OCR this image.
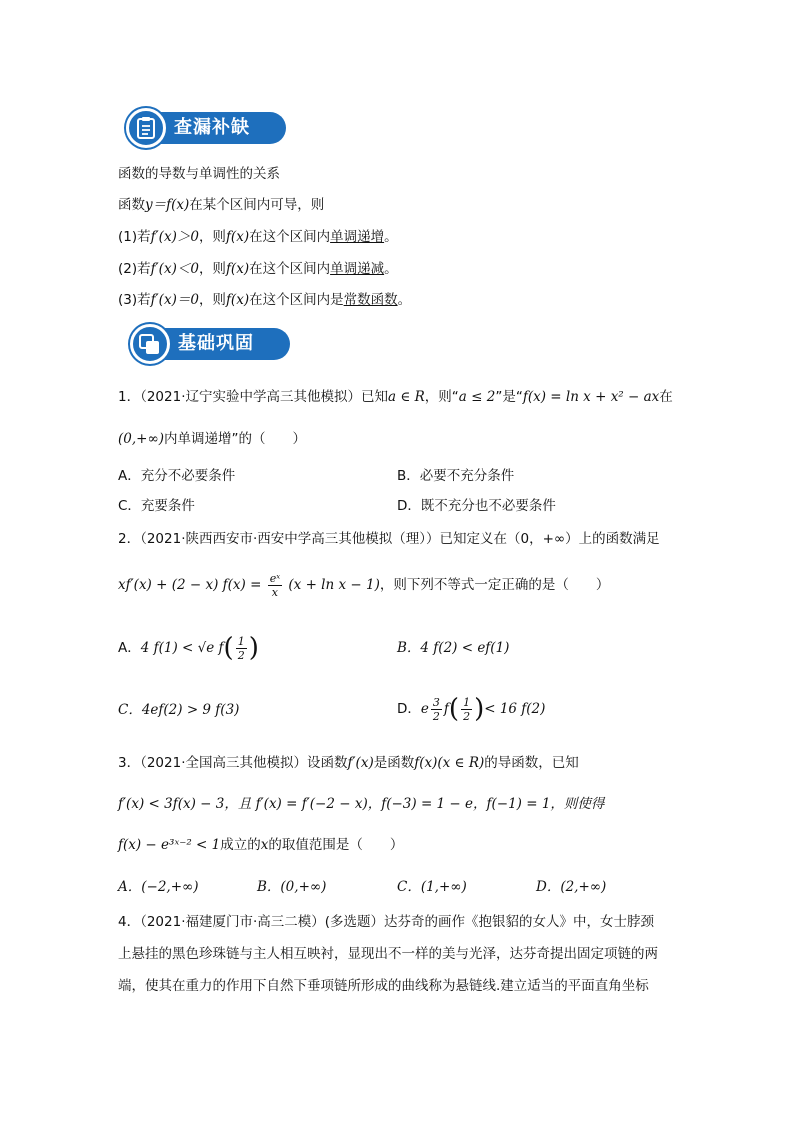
查漏补缺
函数的导数与单调性的关系
函数y＝f(x)在某个区间内可导，则
(1)若f′(x)＞0，则f(x)在这个区间内单调递增。
(2)若f′(x)＜0，则f(x)在这个区间内单调递减。
(3)若f′(x)＝0，则f(x)在这个区间内是常数函数。
基础巩固
1．（2021·辽宁实验中学高三其他模拟）已知a ∈ R，则“a ≤ 2”是“f(x) = ln x + x² − ax在
(0,+∞)内单调递增”的（　　）
A．充分不必要条件	B．必要不充分条件
C．充要条件	D．既不充分也不必要条件
2．（2021·陕西西安市·西安中学高三其他模拟（理））已知定义在（0，+∞）上的函数满足
xf′(x) + (2 − x) $f(x) = \frac{\text{eˣ}}{x} (x + \ln x - 1)$，则下列不等式一定正确的是（　　）
A．4 f(1) < √e $f( \frac{1}{2}$ )	B．4 f(2) < ef(1)
C．4ef(2) > 9 f(3)	D．e $\frac{3}{2} f( \frac{1}{2}$ )< 16 f(2)
3．（2021·全国高三其他模拟）设函数f′(x)是函数f(x)(x ∈ R)的导函数，已知
f′(x) < 3f(x) − 3，且 f′(x) = f′(−2 − x)，f(−3) = 1 − e，f(−1) = 1，则使得
f(x) − e³ˣ⁻² < 1成立的x的取值范围是（　　）
A．(−2,+∞)	B．(0,+∞)	C．(1,+∞)	D．(2,+∞)
4．（2021·福建厦门市·高三二模）(多选题）达芬奇的画作《抱银貂的女人》中，女士脖颈
上悬挂的黑色珍珠链与主人相互映衬，显现出不一样的美与光泽，达芬奇提出固定项链的两
端，使其在重力的作用下自然下垂项链所形成的曲线称为悬链线.建立适当的平面直角坐标
